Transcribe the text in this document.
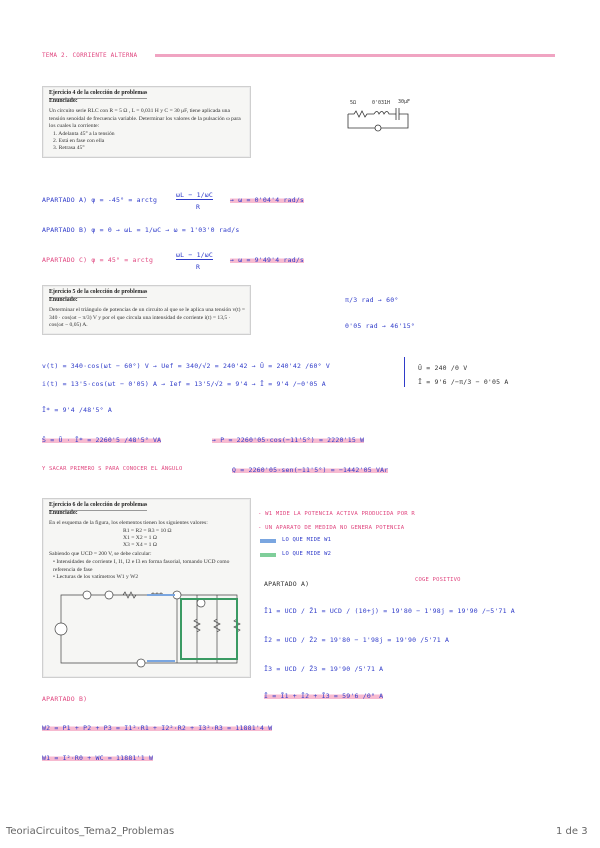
TEMA 2. CORRIENTE ALTERNA
Ejercicio 4 de la colección de problemas
Enunciado:
Un circuito serie RLC con R = 5 Ω , L = 0,031 H y C = 30 μF, tiene aplicada una tensión senoidal de frecuencia variable. Determinar los valores de la pulsación ω para los cuales la corriente:
1. Adelanta 45° a la tensión
2. Está en fase con ella
3. Retrasa 45°
5Ω	0'031H 30μF
APARTADO A) φ = -45° = arctg
ωL − 1/ωC
R
→ ω = 0'04'4 rad/s
APARTADO B) φ = 0 → ωL = 1/ωC → ω = 1'03'0 rad/s
APARTADO C) φ = 45° = arctg
ωL − 1/ωC
R
→ ω = 9'49'4 rad/s
Ejercicio 5 de la colección de problemas
Enunciado:
Determinar el triángulo de potencias de un circuito al que se le aplica una tensión v(t) = 340 · cos(ωt − π/3) V y por el que circula una intensidad de corriente i(t) = 13,5 · cos(ωt − 0,05) A.
π/3 rad → 60°
0'05 rad → 46'15°
v(t) = 340·cos(ωt − 60°) V → Uef = 340/√2 = 240'42 → Ū = 240'42 /60° V
i(t) = 13'5·cos(ωt − 0'05) A → Ief = 13'5/√2 = 9'4 → Ī = 9'4 /−0'05 A
Ū = 240 /0 V
Ī = 9'6 /−π/3 − 0'05 A
Ī* = 9'4 /48'5° A
S̄ = Ū · Ī* = 2260'5 /48'5° VA	→ P = 2260'05·cos(−11'5°) = 2220'15 W
Y SACAR PRIMERO S PARA CONOCER EL ÁNGULO	Q = 2260'05·sen(−11'5°) = −1442'05 VAr
Ejercicio 6 de la colección de problemas
Enunciado:
En el esquema de la figura, los elementos tienen los siguientes valores:
R1 = R2 = R3 = 10 Ω
X1 = X2 = 1 Ω
X3 = X4 = 1 Ω
Sabiendo que UCD = 200 V, se debe calcular:
• Intensidades de corriente I, I1, I2 e I3 en forma fasorial, tomando UCD como referencia de fase
• Lecturas de los vatímetros W1 y W2
- W1 MIDE LA POTENCIA ACTIVA PRODUCIDA POR R
- UN APARATO DE MEDIDA NO GENERA POTENCIA
LO QUE MIDE W1
LO QUE MIDE W2
COGE POSITIVO
APARTADO A)
Ī1 = UCD / Z̄1 = UCD / (10+j) = 19'80 − 1'98j = 19'90 /−5'71 A
Ī2 = UCD / Z̄2 = 19'80 − 1'98j = 19'90 /5'71 A
Ī3 = UCD / Z̄3 = 19'90 /5'71 A
Ī = Ī1 + Ī2 + Ī3 = 59'6 /0° A
APARTADO B)
W2 = P1 + P2 + P3 = I1²·R1 + I2²·R2 + I3²·R3 = 11881'4 W
W1 = I²·R0 + WC = 11881'1 W
TeoriaCircuitos_Tema2_Problemas	1 de 3
